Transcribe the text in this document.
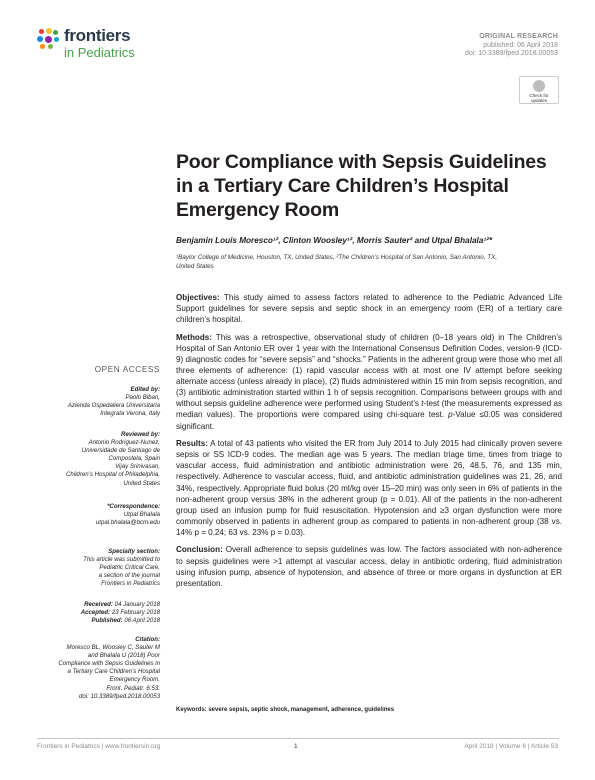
frontiers
in Pediatrics
ORIGINAL RESEARCH
published: 06 April 2018
doi: 10.3389/fped.2018.00053
Check for
updates
Poor Compliance with Sepsis Guidelines in a Tertiary Care Children’s Hospital Emergency Room
Benjamin Louis Moresco¹², Clinton Woosley¹², Morris Sauter² and Utpal Bhalala¹²*
¹Baylor College of Medicine, Houston, TX, United States, ²The Children’s Hospital of San Antonio, San Antonio, TX, United States

Objectives: This study aimed to assess factors related to adherence to the Pediatric Advanced Life Support guidelines for severe sepsis and septic shock in an emergency room (ER) of a tertiary care children’s hospital.

Methods: This was a retrospective, observational study of children (0–18 years old) in The Children’s Hospital of San Antonio ER over 1 year with the International Consensus Definition Codes, version-9 (ICD-9) diagnostic codes for “severe sepsis” and “shocks.” Patients in the adherent group were those who met all three elements of adherence: (1) rapid vascular access with at most one IV attempt before seeking alternate access (unless already in place), (2) fluids administered within 15 min from sepsis recognition, and (3) antibiotic administration started within 1 h of sepsis recognition. Comparisons between groups with and without sepsis guideline adherence were performed using Student’s t-test (the measurements expressed as median values). The proportions were compared using chi-square test. p-Value ≤0.05 was considered significant.

Results: A total of 43 patients who visited the ER from July 2014 to July 2015 had clinically proven severe sepsis or SS ICD-9 codes. The median age was 5 years. The median triage time, times from triage to vascular access, fluid administration and antibiotic administration were 26, 48.5, 76, and 135 min, respectively. Adherence to vascular access, fluid, and antibiotic administration guidelines was 21, 26, and 34%, respectively. Appropriate fluid bolus (20 ml/kg over 15–20 min) was only seen in 6% of patients in the non-adherent group versus 38% in the adherent group (p = 0.01). All of the patients in the non-adherent group used an infusion pump for fluid resuscitation. Hypotension and ≥3 organ dysfunction were more commonly observed in patients in adherent group as compared to patients in non-adherent group (38 vs. 14% p = 0.24; 63 vs. 23% p = 0.03).

Conclusion: Overall adherence to sepsis guidelines was low. The factors associated with non-adherence to sepsis guidelines were >1 attempt at vascular access, delay in antibiotic ordering, fluid administration using infusion pump, absence of hypotension, and absence of three or more organs in dysfunction at ER presentation.

Keywords: severe sepsis, septic shock, management, adherence, guidelines
OPEN ACCESS
Edited by:
Paolo Biban,
Azienda Ospedaliera Universitaria
Integrata Verona, Italy
Reviewed by:
Antonio Rodriguez-Nunez,
Universidade de Santiago de
Compostela, Spain
Vijay Srinivasan,
Children’s Hospital of Philadelphia,
United States
*Correspondence:
Utpal Bhalala
utpal.bhalala@bcm.edu
Specialty section:
This article was submitted to
Pediatric Critical Care,
a section of the journal
Frontiers in Pediatrics
Received: 04 January 2018
Accepted: 23 February 2018
Published: 06 April 2018
Citation:
Moresco BL, Woosley C, Sauter M
and Bhalala U (2018) Poor
Compliance with Sepsis Guidelines in
a Tertiary Care Children’s Hospital
Emergency Room.
Front. Pediatr. 6:53.
doi: 10.3389/fped.2018.00053
Frontiers in Pediatrics | www.frontiersin.org	1	April 2018 | Volume 6 | Article 53
